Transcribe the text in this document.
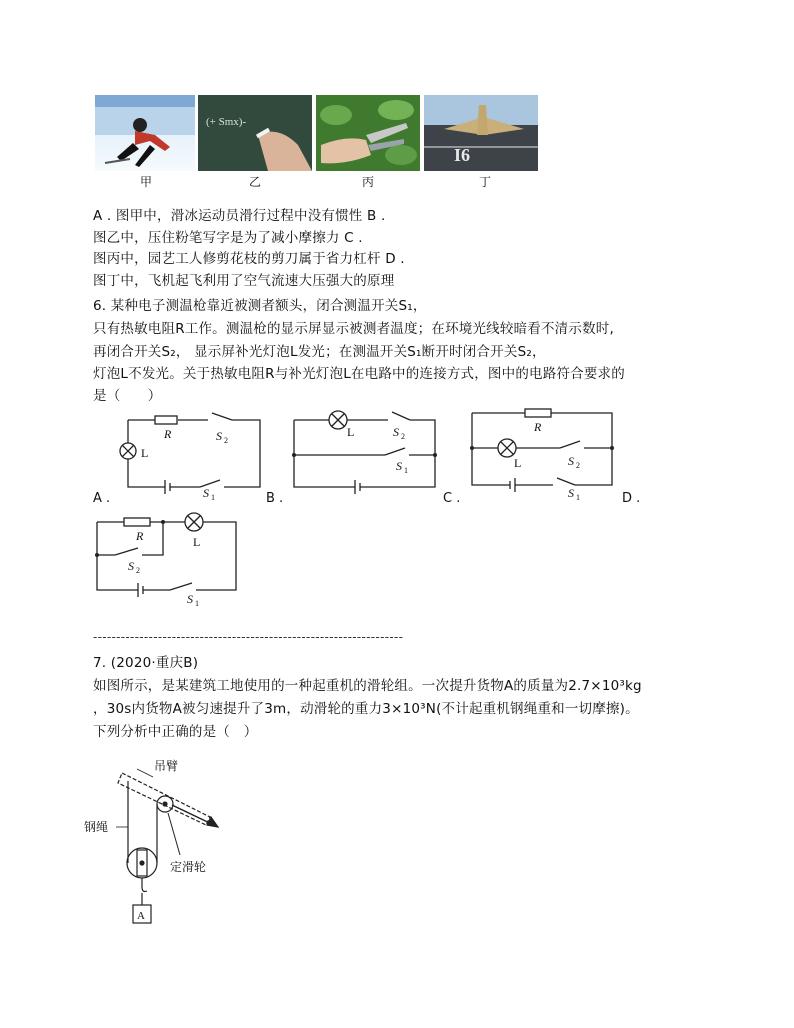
(+ Smx)-
I6
甲	乙	丙	丁
A . 图甲中，滑冰运动员滑行过程中没有惯性 B .
图乙中，压住粉笔写字是为了减小摩擦力 C .
图丙中，园艺工人修剪花枝的剪刀属于省力杠杆 D .
图丁中，飞机起飞利用了空气流速大压强大的原理
6. 某种电子测温枪靠近被测者额头，闭合测温开关S₁，
只有热敏电阻R工作。测温枪的显示屏显示被测者温度；在环境光线较暗看不清示数时,
再闭合开关S₂， 显示屏补光灯泡L发光；在测温开关S₁断开时闭合开关S₂，
灯泡L不发光。关于热敏电阻R与补光灯泡L在电路中的连接方式，图中的电路符合要求的
是（　　）
R	S 2
L
S 1
L	S 2
S 1
R
L	S 2
S 1
R	L
S 2
S 1
A .	B .	C .	D .
-------------------------------------------------------------------
7. (2020·重庆B)
如图所示，是某建筑工地使用的一种起重机的滑轮组。一次提升货物A的质量为2.7×10³kg
，30s内货物A被匀速提升了3m，动滑轮的重力3×10³N(不计起重机钢绳重和一切摩擦)。
下列分析中正确的是（　）
吊臂
钢绳
定滑轮
A
